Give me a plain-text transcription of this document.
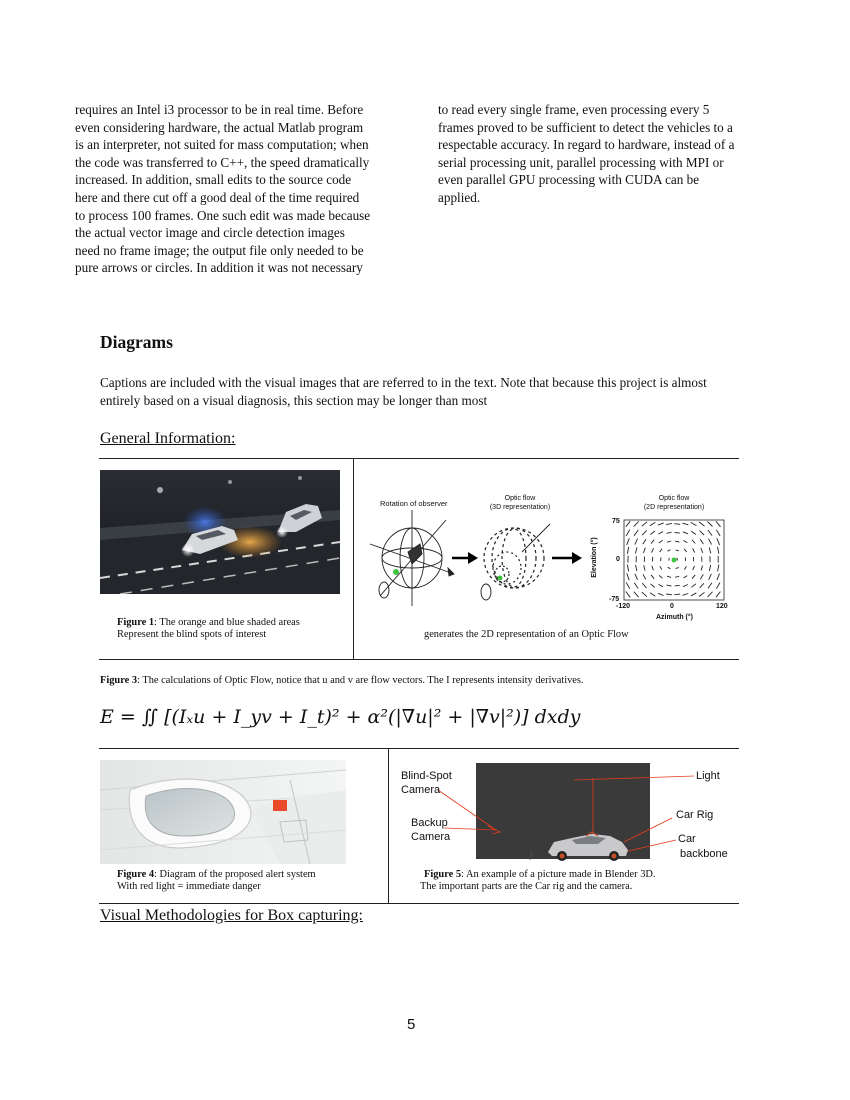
requires an Intel i3 processor to be in real time. Before
even considering hardware, the actual Matlab program
is an interpreter, not suited for mass computation; when
the code was transferred to C++, the speed dramatically
increased. In addition, small edits to the source code
here and there cut off a good deal of the time required
to process 100 frames. One such edit was made because
the actual vector image and circle detection images
need no frame image; the output file only needed to be
pure arrows or circles. In addition it was not necessary
to read every single frame, even processing every 5
frames proved to be sufficient to detect the vehicles to a
respectable accuracy. In regard to hardware, instead of a
serial processing unit, parallel processing with MPI or
even parallel GPU processing with CUDA can be
applied.
Diagrams
Captions are included with the visual images that are referred to in the text. Note that because this project is almost
entirely based on a visual diagnosis, this section may be longer than most
General Information:
Figure 1: The orange and blue shaded areas
Represent the blind spots of interest
Rotation of observer
Optic flow
(3D representation)
Optic flow
(2D representation)
75
0
-75
-120	0	120
Azimuth (°)
Elevation (°)
generates the 2D representation of an Optic Flow
Figure 3: The calculations of Optic Flow, notice that u and v are flow vectors. The I represents intensity derivatives.
E = ∬ [(Iₓu + I_yv + I_t)² + α²(|∇u|² + |∇v|²)] dxdy
Figure 4: Diagram of the proposed alert system
With red light = immediate danger
Blind-Spot
Camera
Backup
Camera
Light
Car Rig
Car
backbone
Figure 5: An example of a picture made in Blender 3D.
The important parts are the Car rig and the camera.
Visual Methodologies for Box capturing:
5
